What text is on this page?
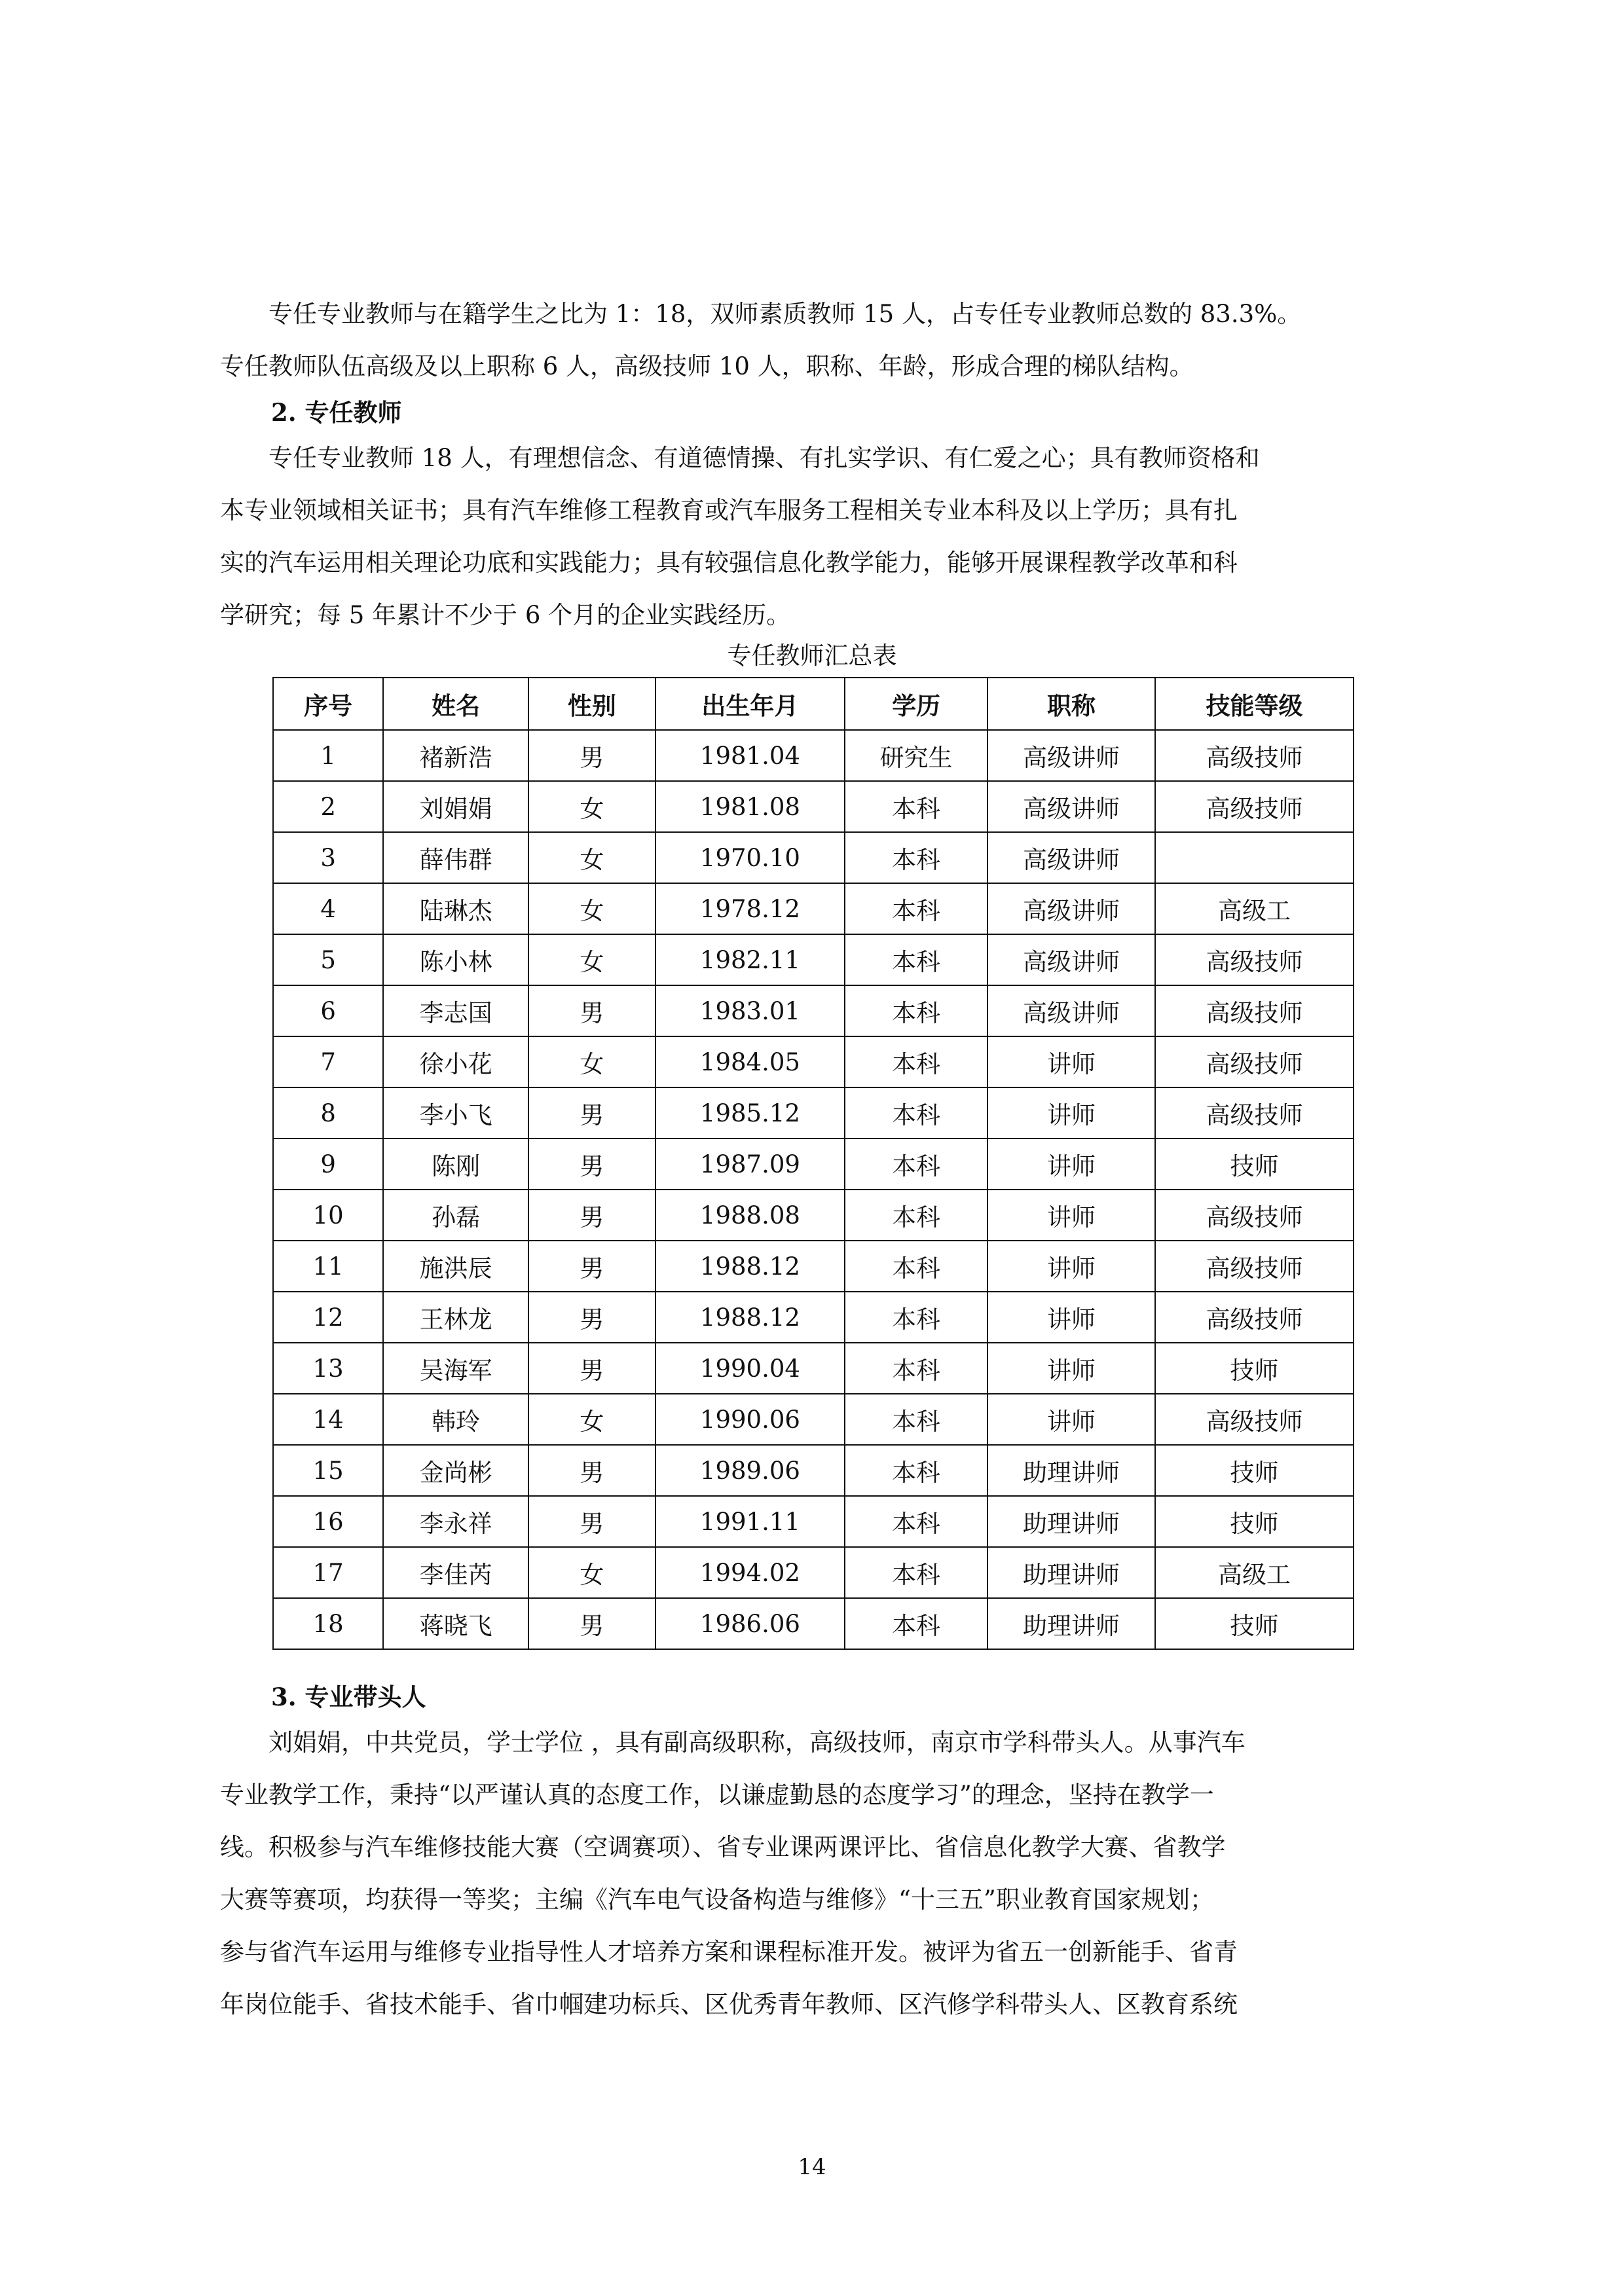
　　专任专业教师与在籍学生之比为 1：18，双师素质教师 15 人，占专任专业教师总数的 83.3%。
专任教师队伍高级及以上职称 6 人，高级技师 10 人，职称、年龄，形成合理的梯队结构。

2. 专任教师

　　专任专业教师 18 人，有理想信念、有道德情操、有扎实学识、有仁爱之心；具有教师资格和
本专业领域相关证书；具有汽车维修工程教育或汽车服务工程相关专业本科及以上学历；具有扎
实的汽车运用相关理论功底和实践能力；具有较强信息化教学能力，能够开展课程教学改革和科
学研究；每 5 年累计不少于 6 个月的企业实践经历。

专任教师汇总表

序号	姓名	性别	出生年月	学历	职称	技能等级
1	褚新浩	男	1981.04	研究生	高级讲师	高级技师
2	刘娟娟	女	1981.08	本科	高级讲师	高级技师
3	薛伟群	女	1970.10	本科	高级讲师	
4	陆琳杰	女	1978.12	本科	高级讲师	高级工
5	陈小林	女	1982.11	本科	高级讲师	高级技师
6	李志国	男	1983.01	本科	高级讲师	高级技师
7	徐小花	女	1984.05	本科	讲师	高级技师
8	李小飞	男	1985.12	本科	讲师	高级技师
9	陈刚	男	1987.09	本科	讲师	技师
10	孙磊	男	1988.08	本科	讲师	高级技师
11	施洪辰	男	1988.12	本科	讲师	高级技师
12	王林龙	男	1988.12	本科	讲师	高级技师
13	吴海军	男	1990.04	本科	讲师	技师
14	韩玲	女	1990.06	本科	讲师	高级技师
15	金尚彬	男	1989.06	本科	助理讲师	技师
16	李永祥	男	1991.11	本科	助理讲师	技师
17	李佳芮	女	1994.02	本科	助理讲师	高级工
18	蒋晓飞	男	1986.06	本科	助理讲师	技师

3. 专业带头人

　　刘娟娟，中共党员，学士学位 ，具有副高级职称，高级技师，南京市学科带头人。从事汽车
专业教学工作，秉持“以严谨认真的态度工作，以谦虚勤恳的态度学习”的理念，坚持在教学一
线。积极参与汽车维修技能大赛（空调赛项）、省专业课两课评比、省信息化教学大赛、省教学
大赛等赛项，均获得一等奖；主编《汽车电气设备构造与维修》“十三五”职业教育国家规划；
参与省汽车运用与维修专业指导性人才培养方案和课程标准开发。被评为省五一创新能手、省青
年岗位能手、省技术能手、省巾帼建功标兵、区优秀青年教师、区汽修学科带头人、区教育系统

14
